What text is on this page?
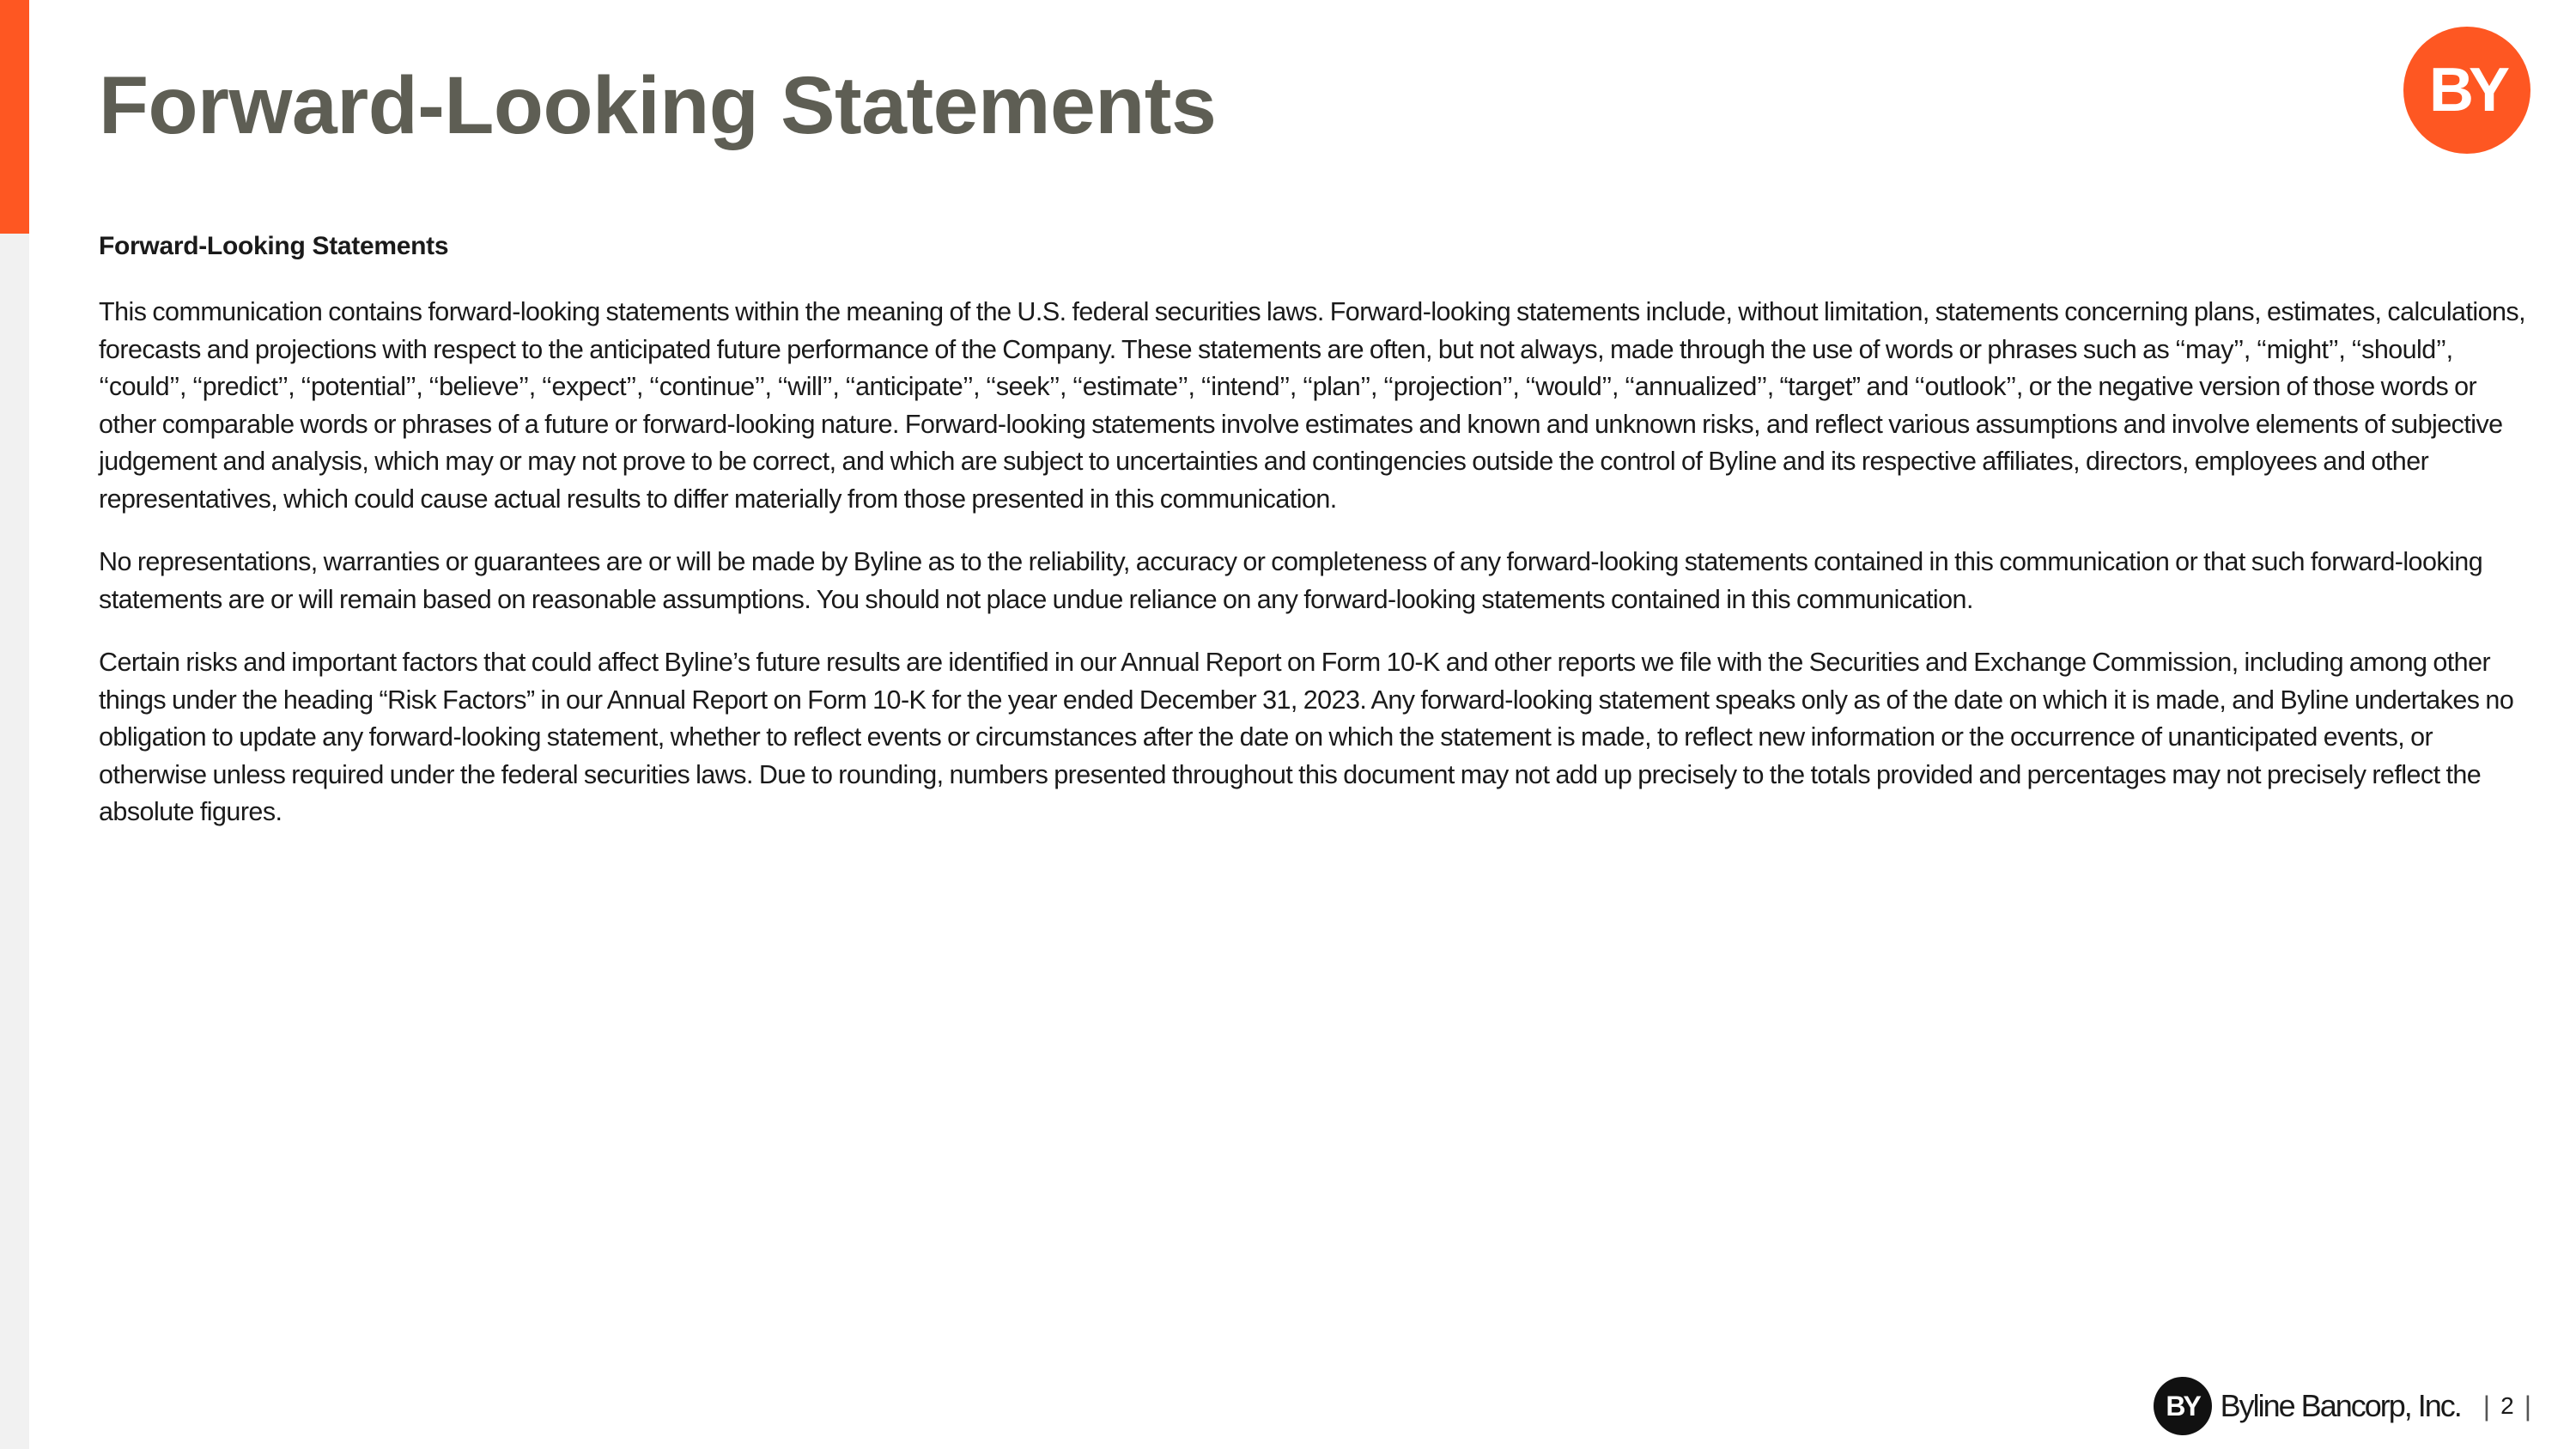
Forward-Looking Statements	BY

Forward-Looking Statements

This communication contains forward-looking statements within the meaning of the U.S. federal securities laws. Forward-looking statements include, without limitation, statements concerning plans, estimates, calculations, forecasts and projections with respect to the anticipated future performance of the Company. These statements are often, but not always, made through the use of words or phrases such as ‘‘may’’, ‘‘might’’, ‘‘should’’, ‘‘could’’, ‘‘predict’’, ‘‘potential’’, ‘‘believe’’, ‘‘expect’’, ‘‘continue’’, ‘‘will’’, ‘‘anticipate’’, ‘‘seek’’, ‘‘estimate’’, ‘‘intend’’, ‘‘plan’’, ‘‘projection’’, ‘‘would’’, ‘‘annualized’’, “target” and ‘‘outlook’’, or the negative version of those words or other comparable words or phrases of a future or forward-looking nature. Forward-looking statements involve estimates and known and unknown risks, and reflect various assumptions and involve elements of subjective judgement and analysis, which may or may not prove to be correct, and which are subject to uncertainties and contingencies outside the control of Byline and its respective affiliates, directors, employees and other representatives, which could cause actual results to differ materially from those presented in this communication.

No representations, warranties or guarantees are or will be made by Byline as to the reliability, accuracy or completeness of any forward-looking statements contained in this communication or that such forward-looking statements are or will remain based on reasonable assumptions. You should not place undue reliance on any forward-looking statements contained in this communication.

Certain risks and important factors that could affect Byline’s future results are identified in our Annual Report on Form 10-K and other reports we file with the Securities and Exchange Commission, including among other things under the heading “Risk Factors” in our Annual Report on Form 10-K for the year ended December 31, 2023. Any forward-looking statement speaks only as of the date on which it is made, and Byline undertakes no obligation to update any forward-looking statement, whether to reflect events or circumstances after the date on which the statement is made, to reflect new information or the occurrence of unanticipated events, or otherwise unless required under the federal securities laws. Due to rounding, numbers presented throughout this document may not add up precisely to the totals provided and percentages may not precisely reflect the absolute figures.

BY Byline Bancorp, Inc. | 2 |
